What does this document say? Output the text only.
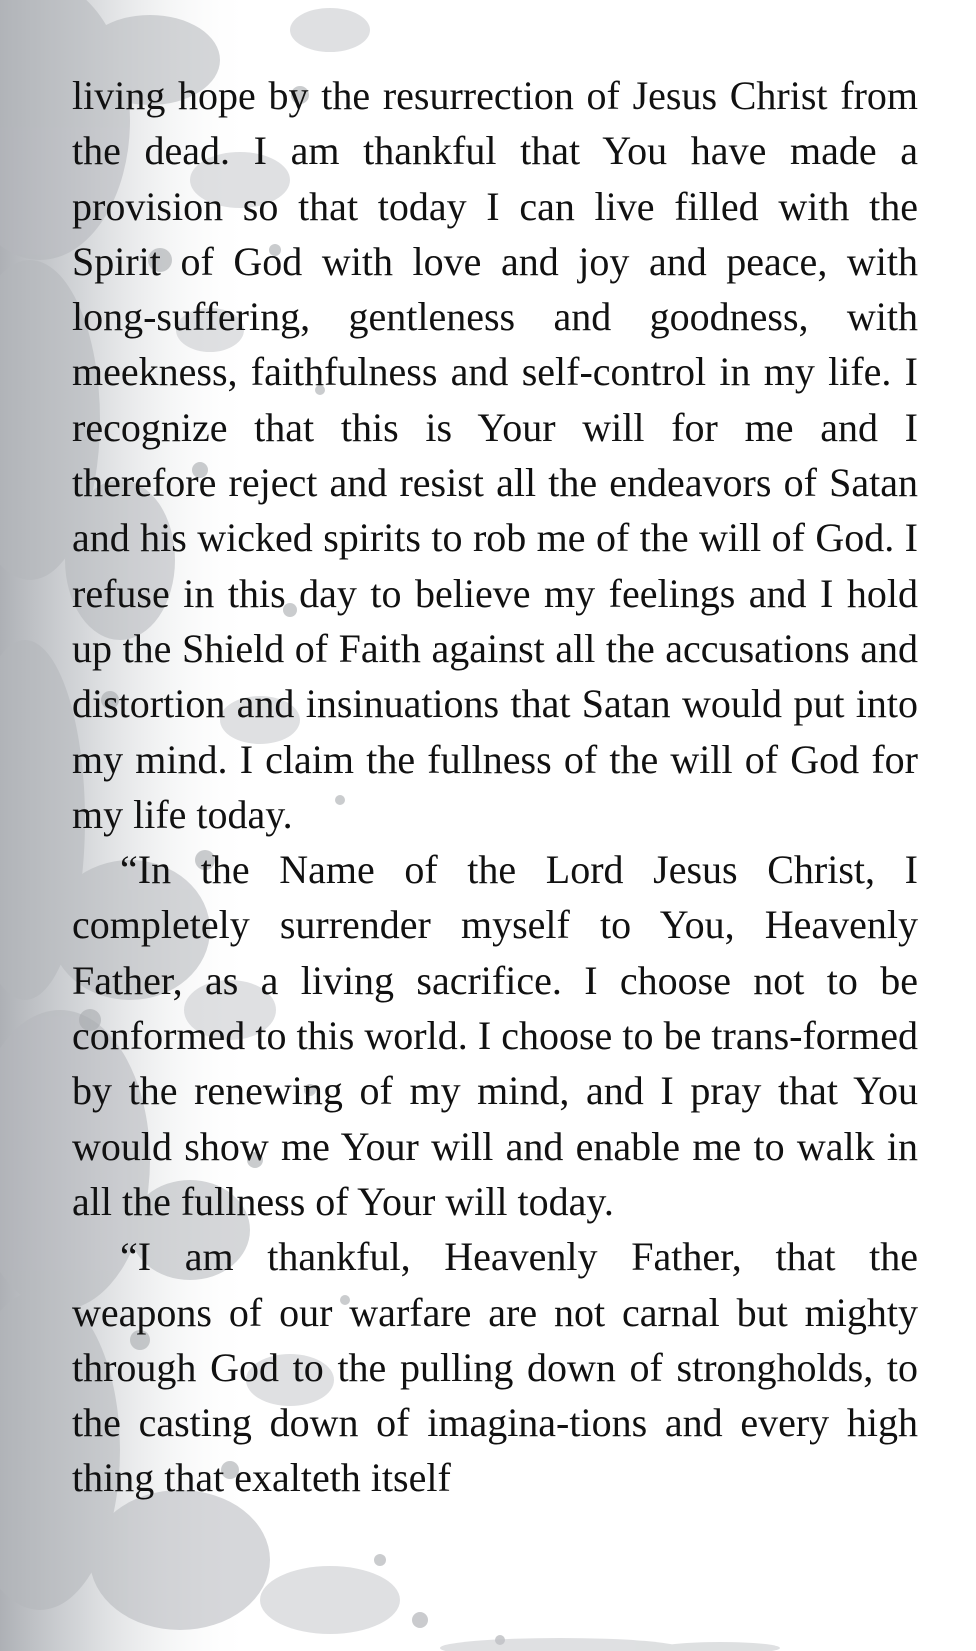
living hope by the resurrection of Jesus Christ from the dead. I am thankful that You have made a provision so that today I can live filled with the Spirit of God with love and joy and peace, with long-suffering, gentleness and goodness, with meekness, faithfulness and self-control in my life. I recognize that this is Your will for me and I therefore reject and resist all the endeavors of Satan and his wicked spirits to rob me of the will of God. I refuse in this day to believe my feelings and I hold up the Shield of Faith against all the accusations and distortion and insinuations that Satan would put into my mind. I claim the fullness of the will of God for my life today.

“In the Name of the Lord Jesus Christ, I completely surrender myself to You, Heavenly Father, as a living sacrifice. I choose not to be conformed to this world. I choose to be trans-formed by the renewing of my mind, and I pray that You would show me Your will and enable me to walk in all the fullness of Your will today.

“I am thankful, Heavenly Father, that the weapons of our warfare are not carnal but mighty through God to the pulling down of strongholds, to the casting down of imagina-tions and every high thing that exalteth itself
